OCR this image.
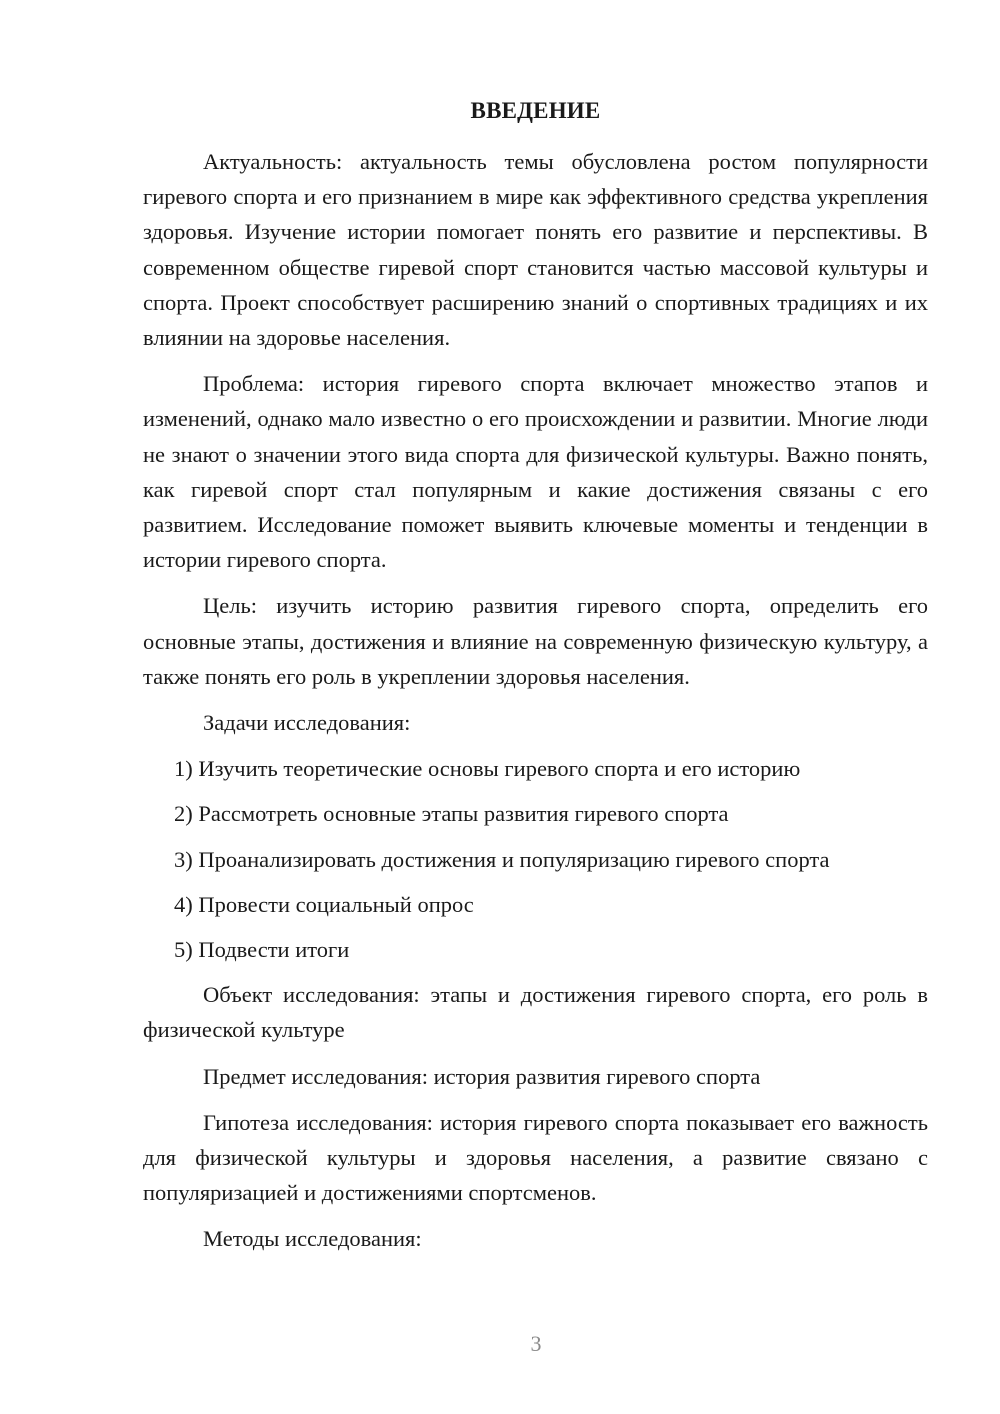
ВВЕДЕНИЕ

Актуальность: актуальность темы обусловлена ростом популярности гиревого спорта и его признанием в мире как эффективного средства укрепления здоровья. Изучение истории помогает понять его развитие и перспективы. В современном обществе гиревой спорт становится частью массовой культуры и спорта. Проект способствует расширению знаний о спортивных традициях и их влиянии на здоровье населения.

Проблема: история гиревого спорта включает множество этапов и изменений, однако мало известно о его происхождении и развитии. Многие люди не знают о значении этого вида спорта для физической культуры. Важно понять, как гиревой спорт стал популярным и какие достижения связаны с его развитием. Исследование поможет выявить ключевые моменты и тенденции в истории гиревого спорта.

Цель: изучить историю развития гиревого спорта, определить его основные этапы, достижения и влияние на современную физическую культуру, а также понять его роль в укреплении здоровья населения.

Задачи исследования:

1) Изучить теоретические основы гиревого спорта и его историю
2) Рассмотреть основные этапы развития гиревого спорта
3) Проанализировать достижения и популяризацию гиревого спорта
4) Провести социальный опрос
5) Подвести итоги

Объект исследования: этапы и достижения гиревого спорта, его роль в физической культуре

Предмет исследования: история развития гиревого спорта

Гипотеза исследования: история гиревого спорта показывает его важность для физической культуры и здоровья населения, а развитие связано с популяризацией и достижениями спортсменов.

Методы исследования:

3
